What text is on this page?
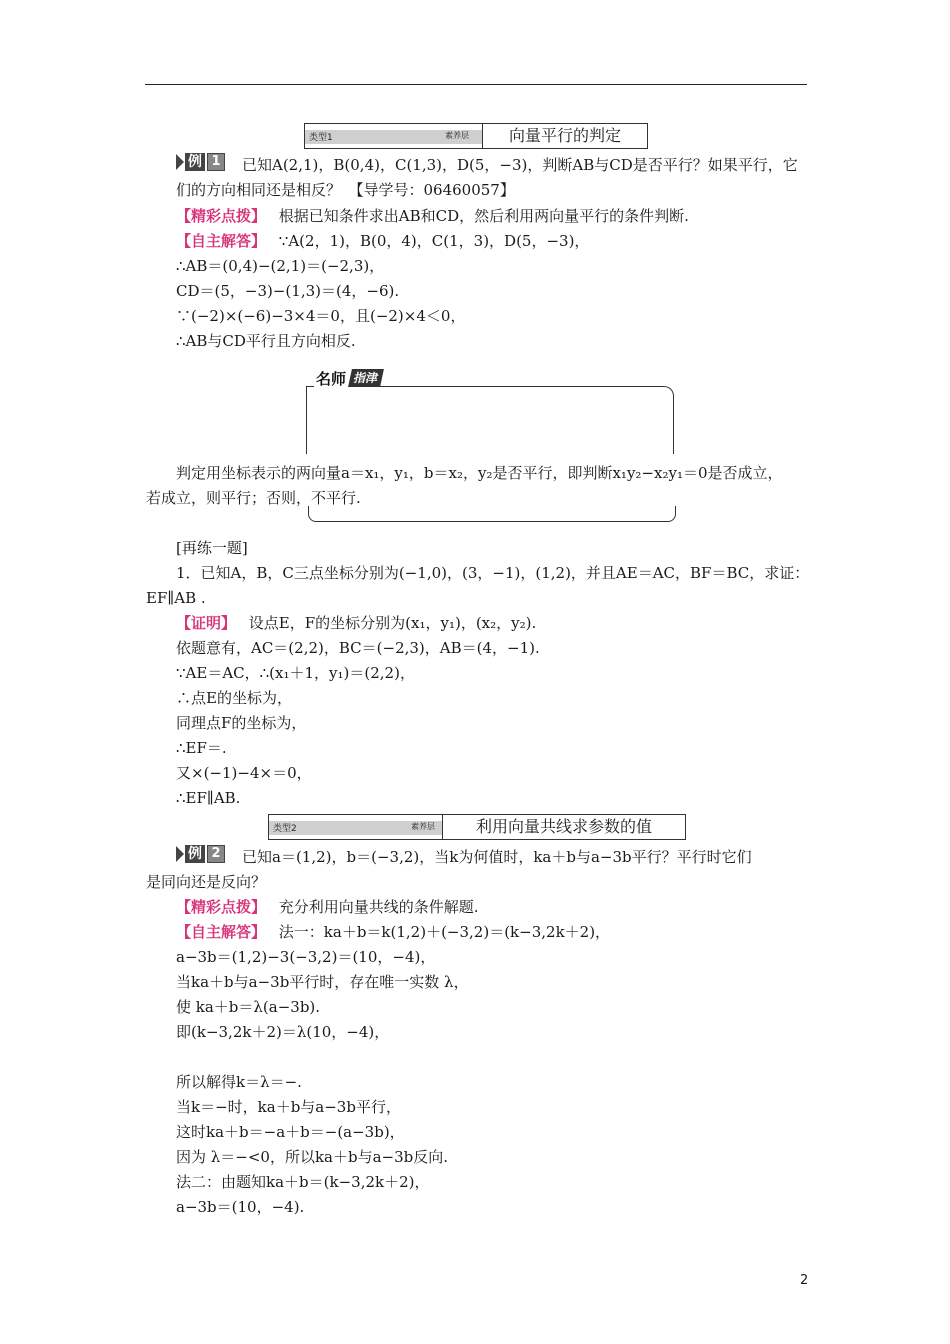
类型1	素养层	向量平行的判定
例 1 已知A(2,1)，B(0,4)，C(1,3)，D(5，−3)，判断AB与CD是否平行？如果平行，它
们的方向相同还是相反？　【导学号：06460057】
【精彩点拨】 根据已知条件求出AB和CD，然后利用两向量平行的条件判断.
【自主解答】 ∵A(2，1)，B(0，4)，C(1，3)，D(5，−3)，
∴AB＝(0,4)−(2,1)＝(−2,3)，
CD＝(5，−3)−(1,3)＝(4，−6).
∵(−2)×(−6)−3×4＝0，且(−2)×4＜0，
∴AB与CD平行且方向相反.
名师 指津
判定用坐标表示的两向量a＝x₁，y₁，b＝x₂，y₂是否平行，即判断x₁y₂−x₂y₁＝0是否成立，
若成立，则平行；否则，不平行.
[再练一题]
1．已知A，B，C三点坐标分别为(−1,0)，(3，−1)，(1,2)，并且AE＝AC，BF＝BC，求证：
EF∥AB .
【证明】 设点E，F的坐标分别为(x₁，y₁)，(x₂，y₂).
依题意有，AC＝(2,2)，BC＝(−2,3)，AB＝(4，−1).
∵AE＝AC，∴(x₁＋1，y₁)＝(2,2)，
∴点E的坐标为，
同理点F的坐标为，
∴EF＝.
又×(−1)−4×＝0，
∴EF∥AB.
类型2	素养层	利用向量共线求参数的值
例 2 已知a＝(1,2)，b＝(−3,2)，当k为何值时，ka＋b与a−3b平行？平行时它们
是同向还是反向？
【精彩点拨】 充分利用向量共线的条件解题.
【自主解答】 法一：ka＋b＝k(1,2)＋(−3,2)＝(k−3,2k＋2)，
a−3b＝(1,2)−3(−3,2)＝(10，−4)，
当ka＋b与a−3b平行时，存在唯一实数 λ，
使 ka＋b＝λ(a−3b).
即(k−3,2k＋2)＝λ(10，−4)，
所以解得k＝λ＝−.
当k＝−时，ka＋b与a−3b平行，
这时ka＋b＝−a＋b＝−(a−3b)，
因为 λ＝−<0，所以ka＋b与a−3b反向.
法二：由题知ka＋b＝(k−3,2k＋2)，
a−3b＝(10，−4).
2
